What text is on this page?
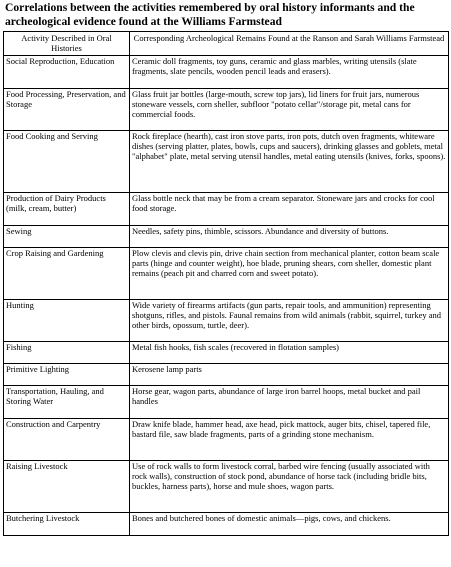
Correlations between the activities remembered by oral history informants and the archeological evidence found at the Williams Farmstead

Activity Described in Oral Histories	Corresponding Archeological Remains Found at the Ranson and Sarah Williams Farmstead
Social Reproduction, Education	Ceramic doll fragments, toy guns, ceramic and glass marbles, writing utensils (slate fragments, slate pencils, wooden pencil leads and erasers).
Food Processing, Preservation, and Storage	Glass fruit jar bottles (large-mouth, screw top jars), lid liners for fruit jars, numerous stoneware vessels, corn sheller, subfloor "potato cellar"/storage pit, metal cans for commercial foods.
Food Cooking and Serving	Rock fireplace (hearth), cast iron stove parts, iron pots, dutch oven fragments, whiteware dishes (serving platter, plates, bowls, cups and saucers), drinking glasses and goblets, metal "alphabet" plate, metal serving utensil handles, metal eating utensils (knives, forks, spoons).
Production of Dairy Products (milk, cream, butter)	Glass bottle neck that may be from a cream separator. Stoneware jars and crocks for cool food storage.
Sewing	Needles, safety pins, thimble, scissors. Abundance and diversity of buttons.
Crop Raising and Gardening	Plow clevis and clevis pin, drive chain section from mechanical planter, cotton beam scale parts (hinge and counter weight), hoe blade, pruning shears, corn sheller, domestic plant remains (peach pit and charred corn and sweet potato).
Hunting	Wide variety of firearms artifacts (gun parts, repair tools, and ammunition) representing shotguns, rifles, and pistols. Faunal remains from wild animals (rabbit, squirrel, turkey and other birds, opossum, turtle, deer).
Fishing	Metal fish hooks, fish scales (recovered in flotation samples)
Primitive Lighting	Kerosene lamp parts
Transportation, Hauling, and Storing Water	Horse gear, wagon parts, abundance of large iron barrel hoops, metal bucket and pail handles
Construction and Carpentry	Draw knife blade, hammer head, axe head, pick mattock, auger bits, chisel, tapered file, bastard file, saw blade fragments, parts of a grinding stone mechanism.
Raising Livestock	Use of rock walls to form livestock corral, barbed wire fencing (usually associated with rock walls), construction of stock pond, abundance of horse tack (including bridle bits, buckles, harness parts), horse and mule shoes, wagon parts.
Butchering Livestock	Bones and butchered bones of domestic animals—pigs, cows, and chickens.
